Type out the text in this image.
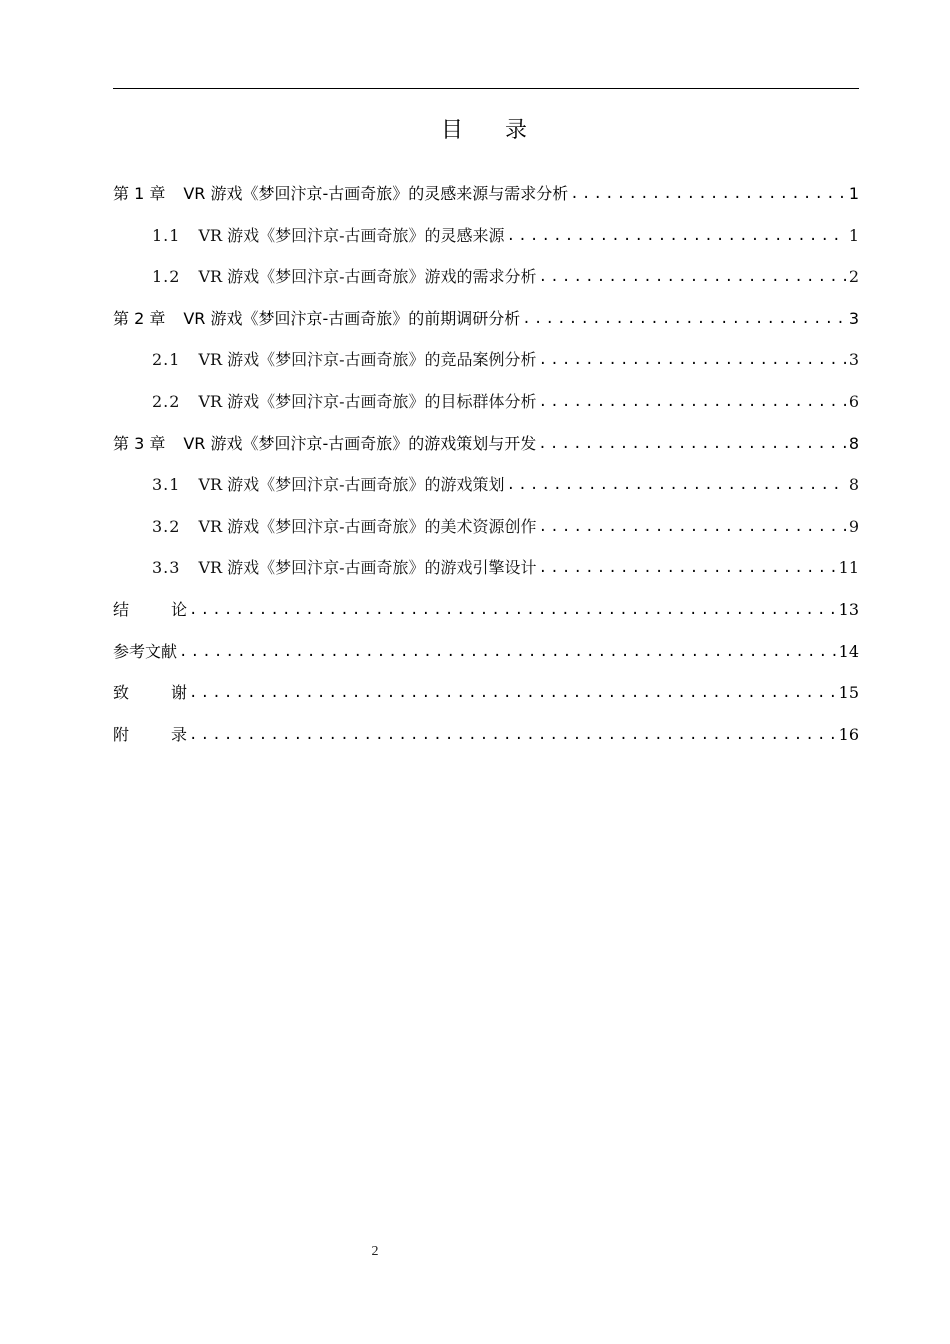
目 录
第 1 章 VR 游戏《梦回汴京-古画奇旅》的灵感来源与需求分析 .....	1
1.1 VR 游戏《梦回汴京-古画奇旅》的灵感来源 .....	1
1.2 VR 游戏《梦回汴京-古画奇旅》游戏的需求分析 .....	2
第 2 章 VR 游戏《梦回汴京-古画奇旅》的前期调研分析 .....	3
2.1 VR 游戏《梦回汴京-古画奇旅》的竞品案例分析 .....	3
2.2 VR 游戏《梦回汴京-古画奇旅》的目标群体分析 .....	6
第 3 章 VR 游戏《梦回汴京-古画奇旅》的游戏策划与开发 .....	8
3.1 VR 游戏《梦回汴京-古画奇旅》的游戏策划 .....	8
3.2 VR 游戏《梦回汴京-古画奇旅》的美术资源创作 .....	9
3.3 VR 游戏《梦回汴京-古画奇旅》的游戏引擎设计 .....	11
结	论 .....	13
参考文献 .....	14
致	谢 .....	15
附	录 .....	16
2
